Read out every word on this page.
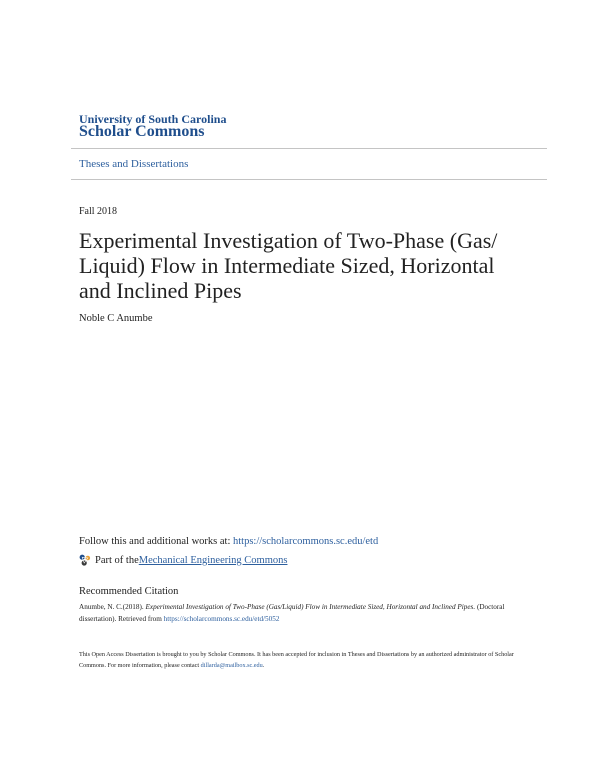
University of South Carolina
Scholar Commons
Theses and Dissertations
Fall 2018
Experimental Investigation of Two-Phase (Gas/ Liquid) Flow in Intermediate Sized, Horizontal and Inclined Pipes
Noble C Anumbe
Follow this and additional works at: https://scholarcommons.sc.edu/etd
Part of the Mechanical Engineering Commons
Recommended Citation
Anumbe, N. C.(2018). Experimental Investigation of Two-Phase (Gas/Liquid) Flow in Intermediate Sized, Horizontal and Inclined Pipes. (Doctoral dissertation). Retrieved from https://scholarcommons.sc.edu/etd/5052
This Open Access Dissertation is brought to you by Scholar Commons. It has been accepted for inclusion in Theses and Dissertations by an authorized administrator of Scholar Commons. For more information, please contact dillarda@mailbox.sc.edu.
